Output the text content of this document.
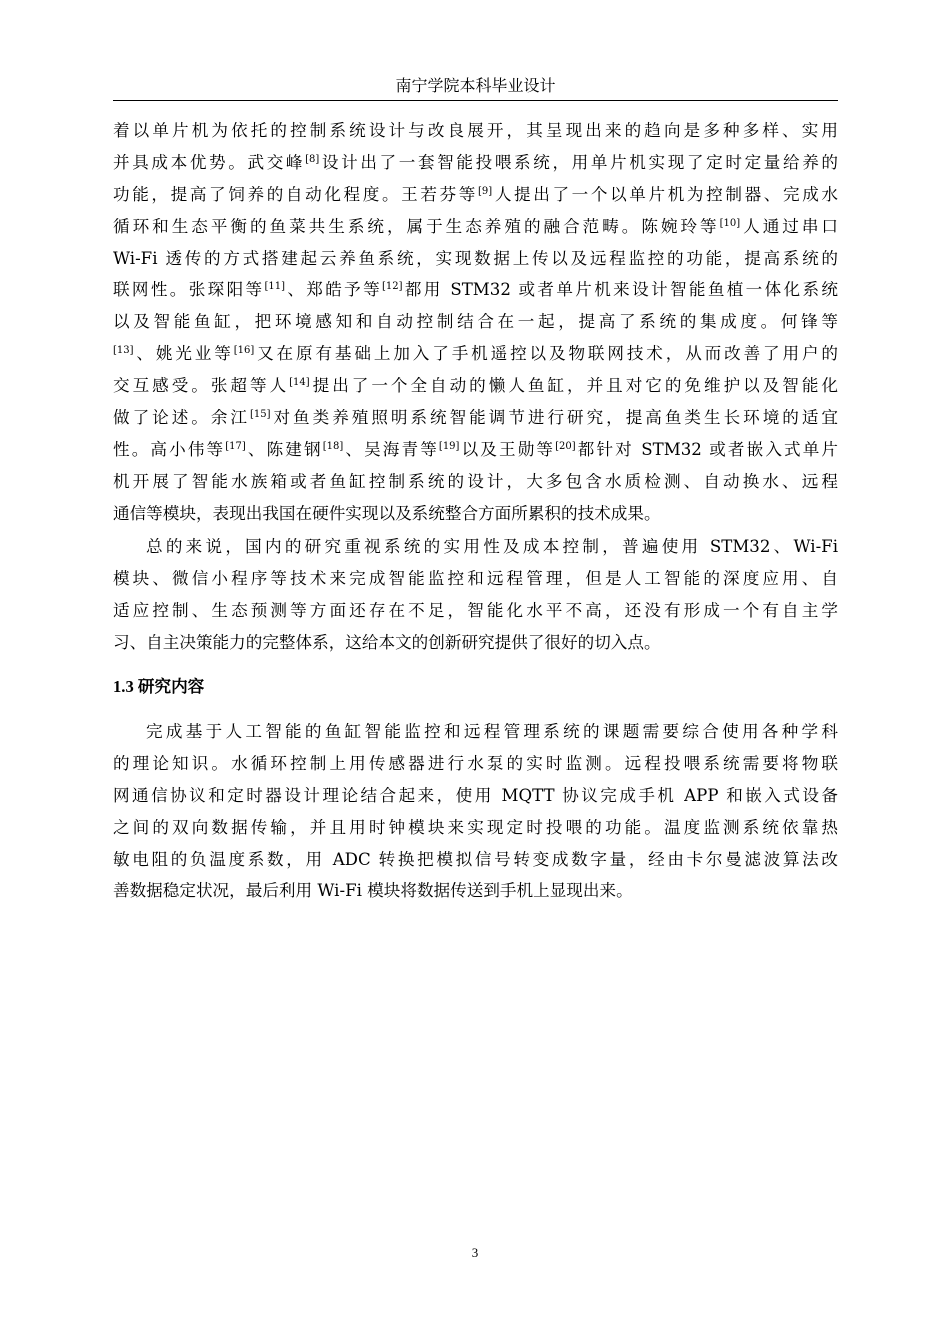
南宁学院本科毕业设计
着以单片机为依托的控制系统设计与改良展开，其呈现出来的趋向是多种多样、实用
并具成本优势。武交峰[8]设计出了一套智能投喂系统，用单片机实现了定时定量给养的
功能，提高了饲养的自动化程度。王若芬等[9]人提出了一个以单片机为控制器、完成水
循环和生态平衡的鱼菜共生系统，属于生态养殖的融合范畴。陈婉玲等[10]人通过串口
Wi-Fi 透传的方式搭建起云养鱼系统，实现数据上传以及远程监控的功能，提高系统的
联网性。张琛阳等[11]、郑皓予等[12]都用 STM32 或者单片机来设计智能鱼植一体化系统
以及智能鱼缸，把环境感知和自动控制结合在一起，提高了系统的集成度。何锋等
[13]、姚光业等[16]又在原有基础上加入了手机遥控以及物联网技术，从而改善了用户的
交互感受。张超等人[14]提出了一个全自动的懒人鱼缸，并且对它的免维护以及智能化
做了论述。余江[15]对鱼类养殖照明系统智能调节进行研究，提高鱼类生长环境的适宜
性。高小伟等[17]、陈建钢[18]、吴海青等[19]以及王勋等[20]都针对 STM32 或者嵌入式单片
机开展了智能水族箱或者鱼缸控制系统的设计，大多包含水质检测、自动换水、远程
通信等模块，表现出我国在硬件实现以及系统整合方面所累积的技术成果。
总的来说，国内的研究重视系统的实用性及成本控制，普遍使用 STM32、Wi-Fi
模块、微信小程序等技术来完成智能监控和远程管理，但是人工智能的深度应用、自
适应控制、生态预测等方面还存在不足，智能化水平不高，还没有形成一个有自主学
习、自主决策能力的完整体系，这给本文的创新研究提供了很好的切入点。
1.3 研究内容
完成基于人工智能的鱼缸智能监控和远程管理系统的课题需要综合使用各种学科
的理论知识。水循环控制上用传感器进行水泵的实时监测。远程投喂系统需要将物联
网通信协议和定时器设计理论结合起来，使用 MQTT 协议完成手机 APP 和嵌入式设备
之间的双向数据传输，并且用时钟模块来实现定时投喂的功能。温度监测系统依靠热
敏电阻的负温度系数，用 ADC 转换把模拟信号转变成数字量，经由卡尔曼滤波算法改
善数据稳定状况，最后利用 Wi-Fi 模块将数据传送到手机上显现出来。
3
